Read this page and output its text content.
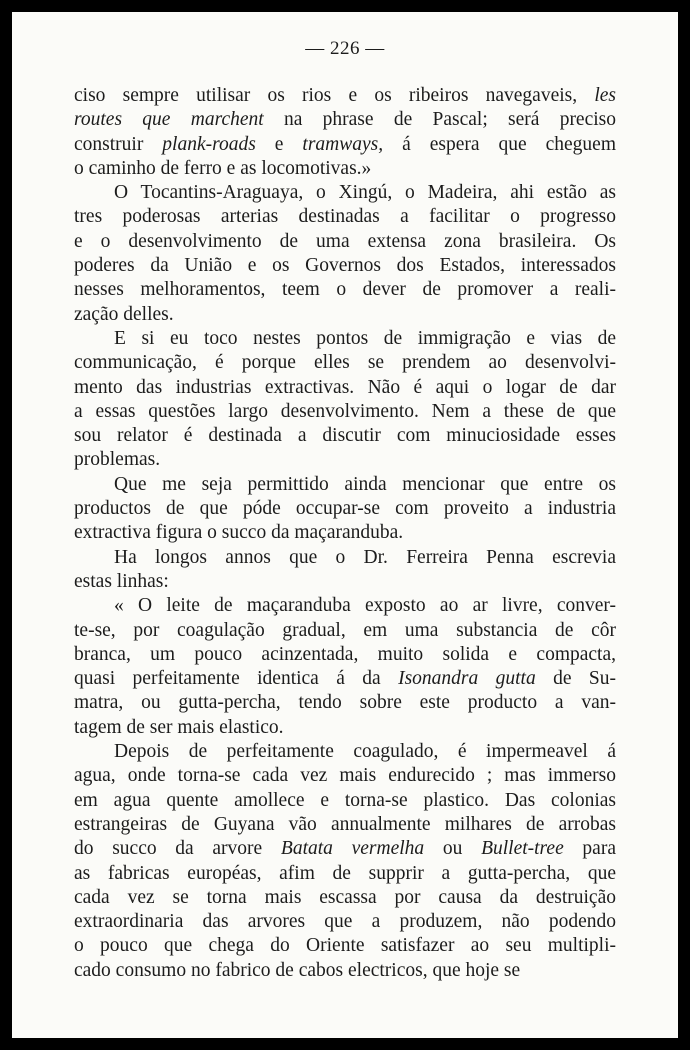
— 226 —
ciso sempre utilisar os rios e os ribeiros navegaveis, les
routes que marchent na phrase de Pascal; será preciso
construir plank-roads e tramways, á espera que cheguem
o caminho de ferro e as locomotivas.»
O Tocantins-Araguaya, o Xingú, o Madeira, ahi estão as
tres poderosas arterias destinadas a facilitar o progresso
e o desenvolvimento de uma extensa zona brasileira. Os
poderes da União e os Governos dos Estados, interessados
nesses melhoramentos, teem o dever de promover a reali-
zação delles.
E si eu toco nestes pontos de immigração e vias de
communicação, é porque elles se prendem ao desenvolvi-
mento das industrias extractivas. Não é aqui o logar de dar
a essas questões largo desenvolvimento. Nem a these de que
sou relator é destinada a discutir com minuciosidade esses
problemas.
Que me seja permittido ainda mencionar que entre os
productos de que póde occupar-se com proveito a industria
extractiva figura o succo da maçaranduba.
Ha longos annos que o Dr. Ferreira Penna escrevia
estas linhas:
« O leite de maçaranduba exposto ao ar livre, conver-
te-se, por coagulação gradual, em uma substancia de côr
branca, um pouco acinzentada, muito solida e compacta,
quasi perfeitamente identica á da Isonandra gutta de Su-
matra, ou gutta-percha, tendo sobre este producto a van-
tagem de ser mais elastico.
Depois de perfeitamente coagulado, é impermeavel á
agua, onde torna-se cada vez mais endurecido ; mas immerso
em agua quente amollece e torna-se plastico. Das colonias
estrangeiras de Guyana vão annualmente milhares de arrobas
do succo da arvore Batata vermelha ou Bullet-tree para
as fabricas européas, afim de supprir a gutta-percha, que
cada vez se torna mais escassa por causa da destruição
extraordinaria das arvores que a produzem, não podendo
o pouco que chega do Oriente satisfazer ao seu multipli-
cado consumo no fabrico de cabos electricos, que hoje se
